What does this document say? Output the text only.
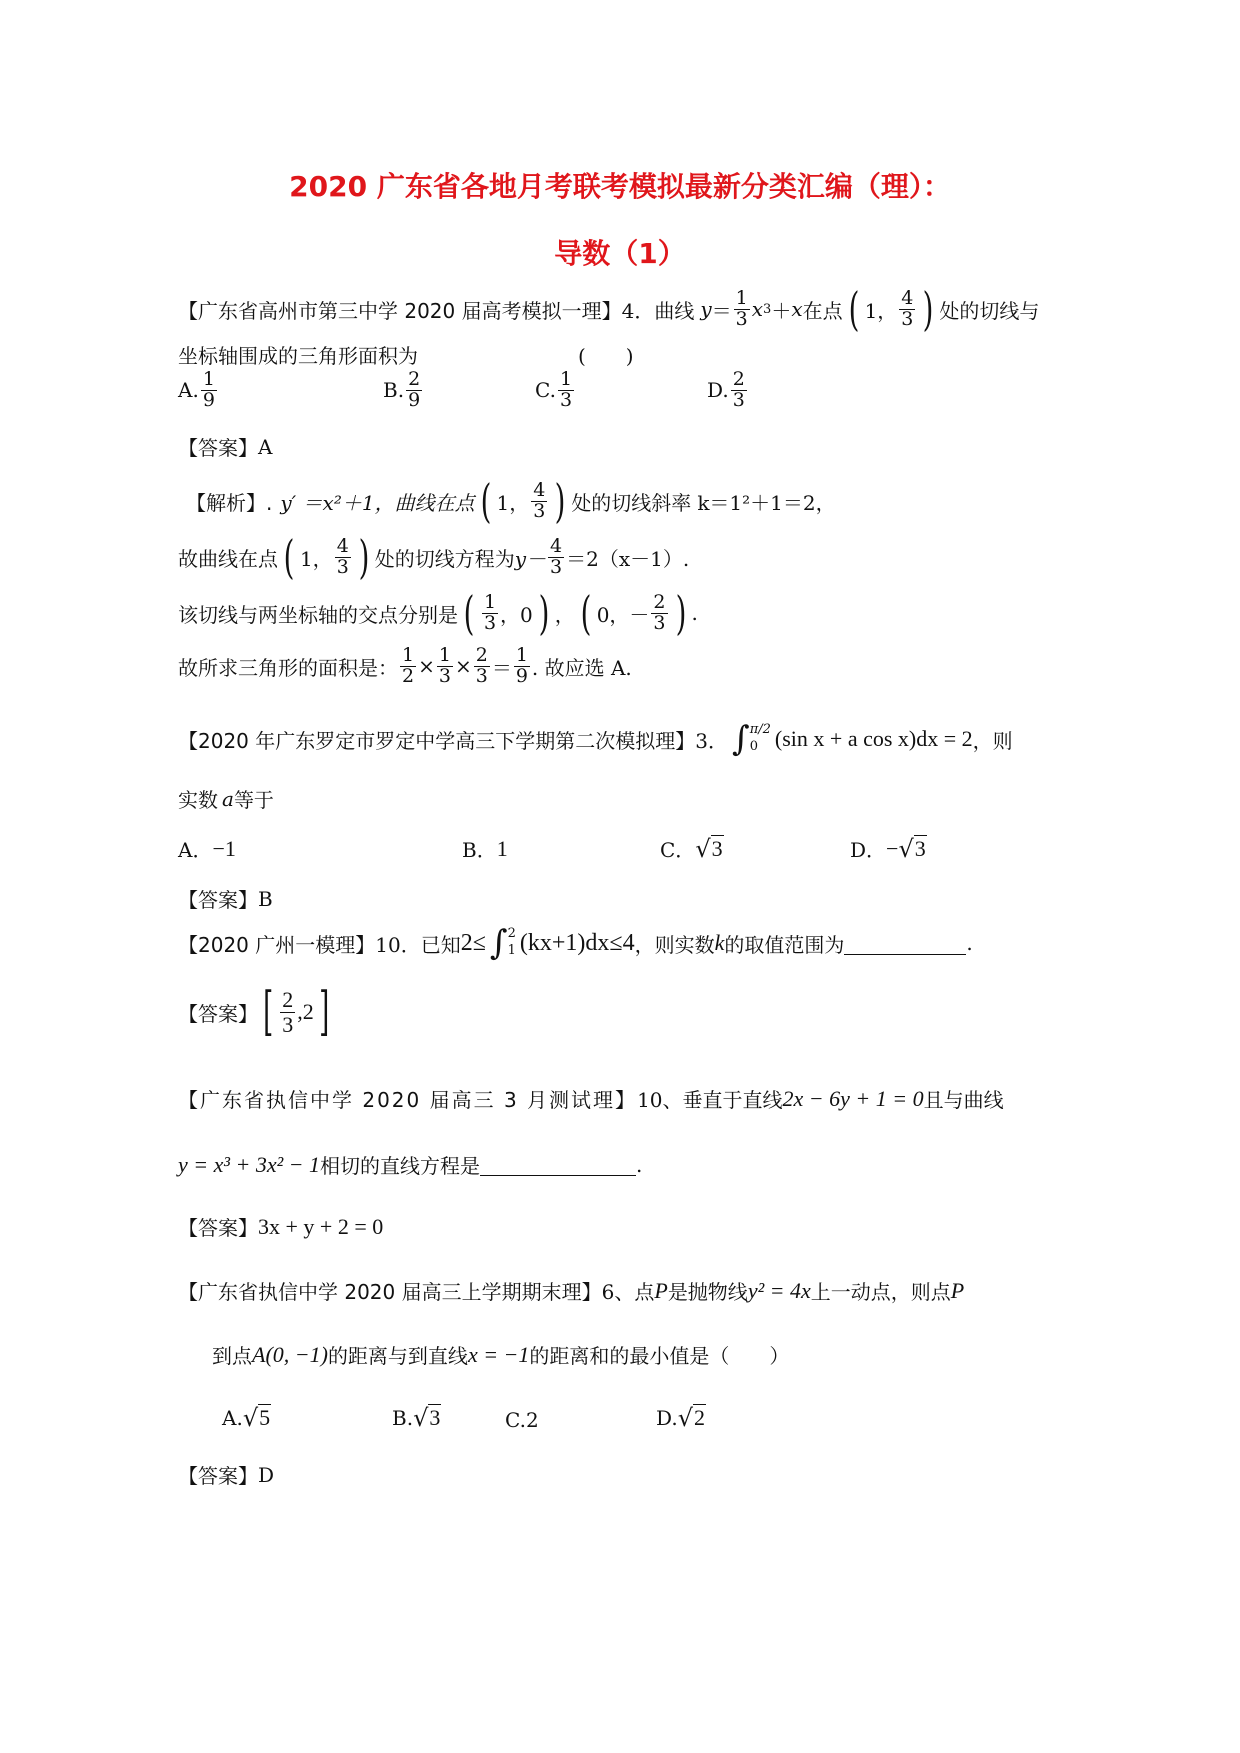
2020 广东省各地月考联考模拟最新分类汇编（理）：
导数（1）
【广东省高州市第三中学 2020 届高考模拟一理】 4．曲线 $y = \frac{1}{3}$ x 3 ＋ x 在点 ( 1， $\frac{4}{3}$ ) 处的切线与
坐标轴围成的三角形面积为	(　　)
A. $\frac{1}{9}$	B. $\frac{2}{9}$	C. $\frac{1}{3}$	D. $\frac{2}{3}$
【答案】 A
【解析】. y′ ＝x²＋1，曲线在点 ( 1， $\frac{4}{3}$ ) 处的切线斜率 k＝1²＋1＝2，
故曲线在点 ( 1， $\frac{4}{3}$ ) 处的切线方程为 $y- \frac{4}{3} =2(x-1)$.
该切线与两坐标轴的交点分别是 ( $\frac{1}{3}$ ，0 ) ， ( 0，－ $\frac{2}{3}$ ) .
故所求三角形的面积是： $\frac{1}{2} \times \frac{1}{3} \times \frac{2}{3} = \frac{1}{9}$ . 故应选 A.
【2020 年广东罗定市罗定中学高三下学期第二次模拟理】 3． ∫ π/2
0 (sin x + a cos x)dx = 2 ，则
实数 a 等于
A． −1	B． 1	C． √ 3	D． − √ 3
【答案】 B
【2020 广州一模理】 10．已知 2≤ ∫ 2
1 (kx+1)dx≤4 ，则实数 k 的取值范围为	.
【答案】 [ $\frac{2}{3} ,2$ ]
【广东省执信中学 2020 届高三 3 月测试理】 10、垂直于直线 2x − 6y + 1 = 0 且与曲线
y = x³ + 3x² − 1 相切的直线方程是	.
【答案】 3x + y + 2 = 0
【广东省执信中学 2020 届高三上学期期末理】 6、点 P 是抛物线 y² = 4x 上一动点，则点 P
到点 A(0, −1) 的距离与到直线 x = −1 的距离和的最小值是（　　）
A. √ 5	B. √ 3	C. 2	D. √ 2
【答案】 D
